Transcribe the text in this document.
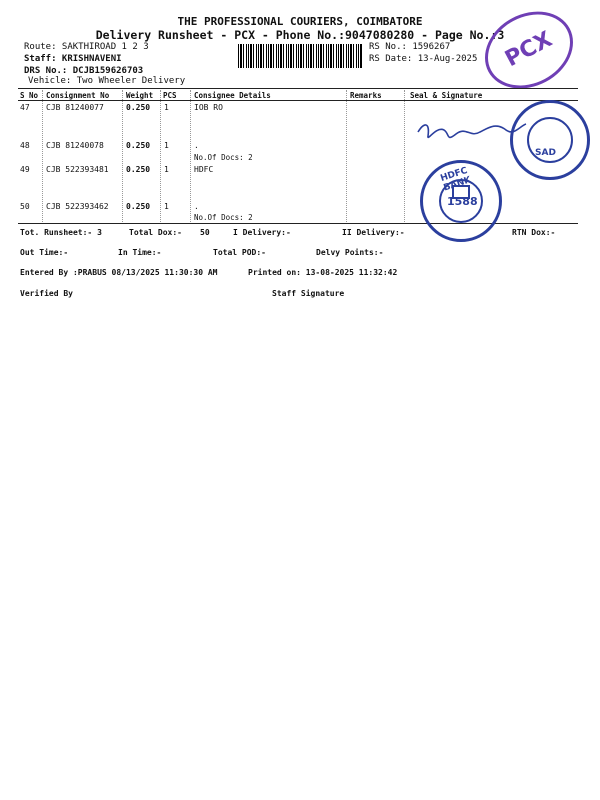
THE PROFESSIONAL COURIERS, COIMBATORE
Delivery Runsheet - PCX - Phone No.:9047080280 - Page No.:3
Route: SAKTHIROAD 1 2 3
Staff: KRISHNAVENI
DRS No.: DCJB159626703
Vehicle: Two Wheeler Delivery
RS No.: 1596267
RS Date: 13-Aug-2025	PCX
S No Consignment No Weight PCS Consignee Details	Remarks	Seal & Signature
47 CJB 81240077	0.250 1	IOB RO
48 CJB 81240078	0.250 1	.
No.Of Docs: 2
49 CJB 522393481 0.250 1	HDFC
50 CJB 522393462 0.250 1	.
No.Of Docs: 2
SAD
HDFC BANK
1588
Tot. Runsheet:- 3	Total Dox:- 50	I Delivery:-	II Delivery:-	RTN Dox:-
Out Time:-	In Time:-	Total POD:-	Delvy Points:-
Entered By :PRABUS 08/13/2025 11:30:30 AM	Printed on: 13-08-2025 11:32:42
Verified By	Staff Signature
